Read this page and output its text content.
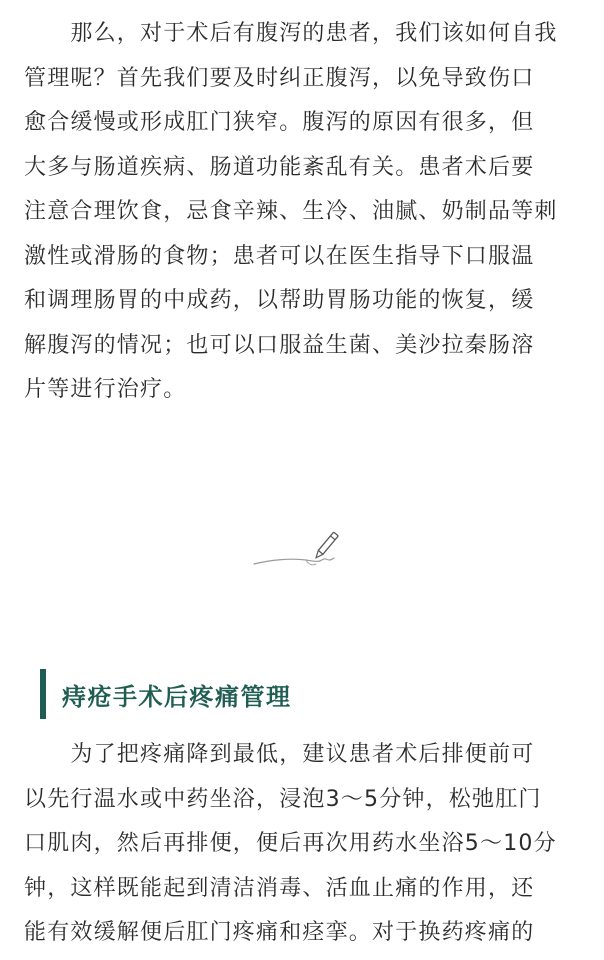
　　那么，对于术后有腹泻的患者，我们该如何自我
管理呢？首先我们要及时纠正腹泻，以免导致伤口
愈合缓慢或形成肛门狭窄。腹泻的原因有很多，但
大多与肠道疾病、肠道功能紊乱有关。患者术后要
注意合理饮食，忌食辛辣、生冷、油腻、奶制品等刺
激性或滑肠的食物；患者可以在医生指导下口服温
和调理肠胃的中成药，以帮助胃肠功能的恢复，缓
解腹泻的情况；也可以口服益生菌、美沙拉秦肠溶
片等进行治疗。

痔疮手术后疼痛管理

　　为了把疼痛降到最低，建议患者术后排便前可
以先行温水或中药坐浴，浸泡3～5分钟，松弛肛门
口肌肉，然后再排便，便后再次用药水坐浴5～10分
钟，这样既能起到清洁消毒、活血止痛的作用，还
能有效缓解便后肛门疼痛和痉挛。对于换药疼痛的
